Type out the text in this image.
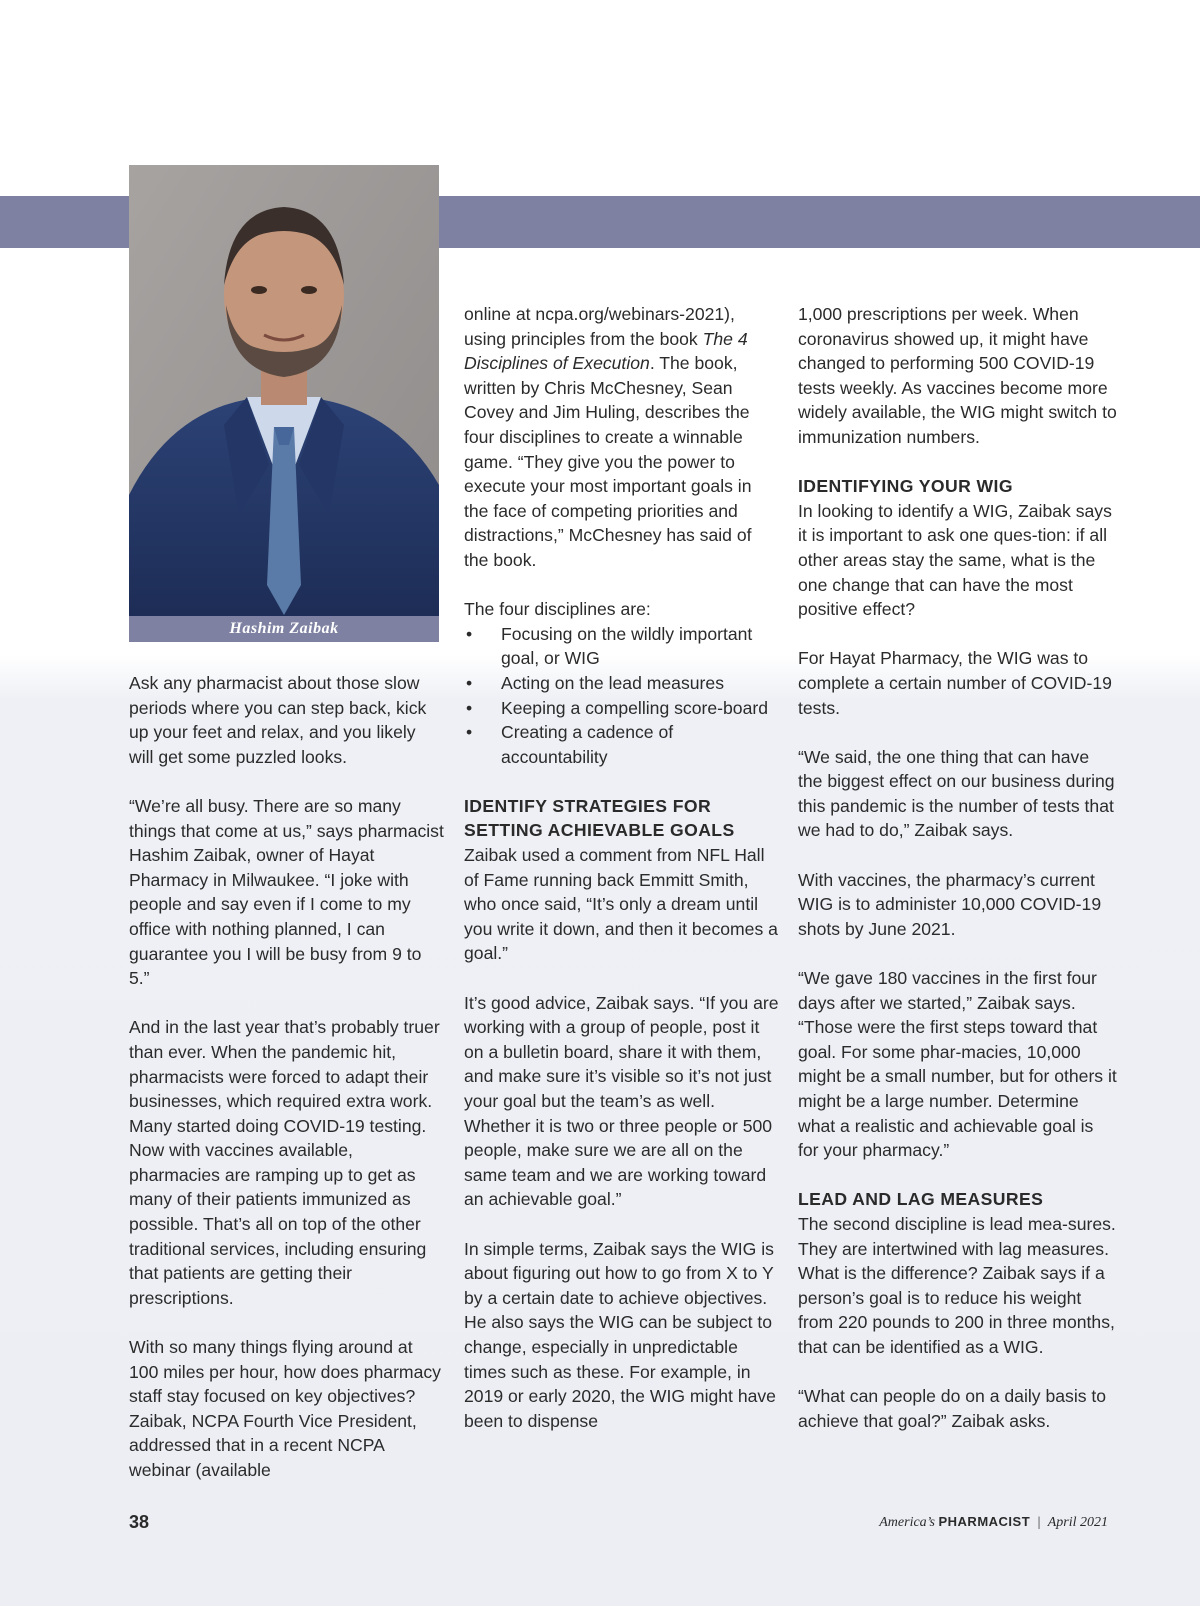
Hashim Zaibak

Ask any pharmacist about those slow periods where you can step back, kick up your feet and relax, and you likely will get some puzzled looks.

“We’re all busy. There are so many things that come at us,” says pharmacist Hashim Zaibak, owner of Hayat Pharmacy in Milwaukee. “I joke with people and say even if I come to my office with nothing planned, I can guarantee you I will be busy from 9 to 5.”

And in the last year that’s probably truer than ever. When the pandemic hit, pharmacists were forced to adapt their businesses, which required extra work. Many started doing COVID-19 testing. Now with vaccines available, pharmacies are ramping up to get as many of their patients immunized as possible. That’s all on top of the other traditional services, including ensuring that patients are getting their prescriptions.

With so many things flying around at 100 miles per hour, how does pharmacy staff stay focused on key objectives? Zaibak, NCPA Fourth Vice President, addressed that in a recent NCPA webinar (available

online at ncpa.org/webinars-2021), using principles from the book The 4 Disciplines of Execution. The book, written by Chris McChesney, Sean Covey and Jim Huling, describes the four disciplines to create a winnable game. “They give you the power to execute your most important goals in the face of competing priorities and distractions,” McChesney has said of the book.

The four disciplines are:
• Focusing on the wildly important goal, or WIG
• Acting on the lead measures
• Keeping a compelling score-board
• Creating a cadence of accountability
IDENTIFY STRATEGIES FOR SETTING ACHIEVABLE GOALS

Zaibak used a comment from NFL Hall of Fame running back Emmitt Smith, who once said, “It’s only a dream until you write it down, and then it becomes a goal.”

It’s good advice, Zaibak says. “If you are working with a group of people, post it on a bulletin board, share it with them, and make sure it’s visible so it’s not just your goal but the team’s as well. Whether it is two or three people or 500 people, make sure we are all on the same team and we are working toward an achievable goal.”

In simple terms, Zaibak says the WIG is about figuring out how to go from X to Y by a certain date to achieve objectives. He also says the WIG can be subject to change, especially in unpredictable times such as these. For example, in 2019 or early 2020, the WIG might have been to dispense

1,000 prescriptions per week. When coronavirus showed up, it might have changed to performing 500 COVID-19 tests weekly. As vaccines become more widely available, the WIG might switch to immunization numbers.

IDENTIFYING YOUR WIG

In looking to identify a WIG, Zaibak says it is important to ask one ques-tion: if all other areas stay the same, what is the one change that can have the most positive effect?

For Hayat Pharmacy, the WIG was to complete a certain number of COVID-19 tests.

“We said, the one thing that can have the biggest effect on our business during this pandemic is the number of tests that we had to do,” Zaibak says.

With vaccines, the pharmacy’s current WIG is to administer 10,000 COVID-19 shots by June 2021.

“We gave 180 vaccines in the first four days after we started,” Zaibak says. “Those were the first steps toward that goal. For some phar-macies, 10,000 might be a small number, but for others it might be a large number. Determine what a realistic and achievable goal is for your pharmacy.”

LEAD AND LAG MEASURES

The second discipline is lead mea-sures. They are intertwined with lag measures. What is the difference? Zaibak says if a person’s goal is to reduce his weight from 220 pounds to 200 in three months, that can be identified as a WIG.

“What can people do on a daily basis to achieve that goal?” Zaibak asks.

38	America’s PHARMACIST | April 2021
